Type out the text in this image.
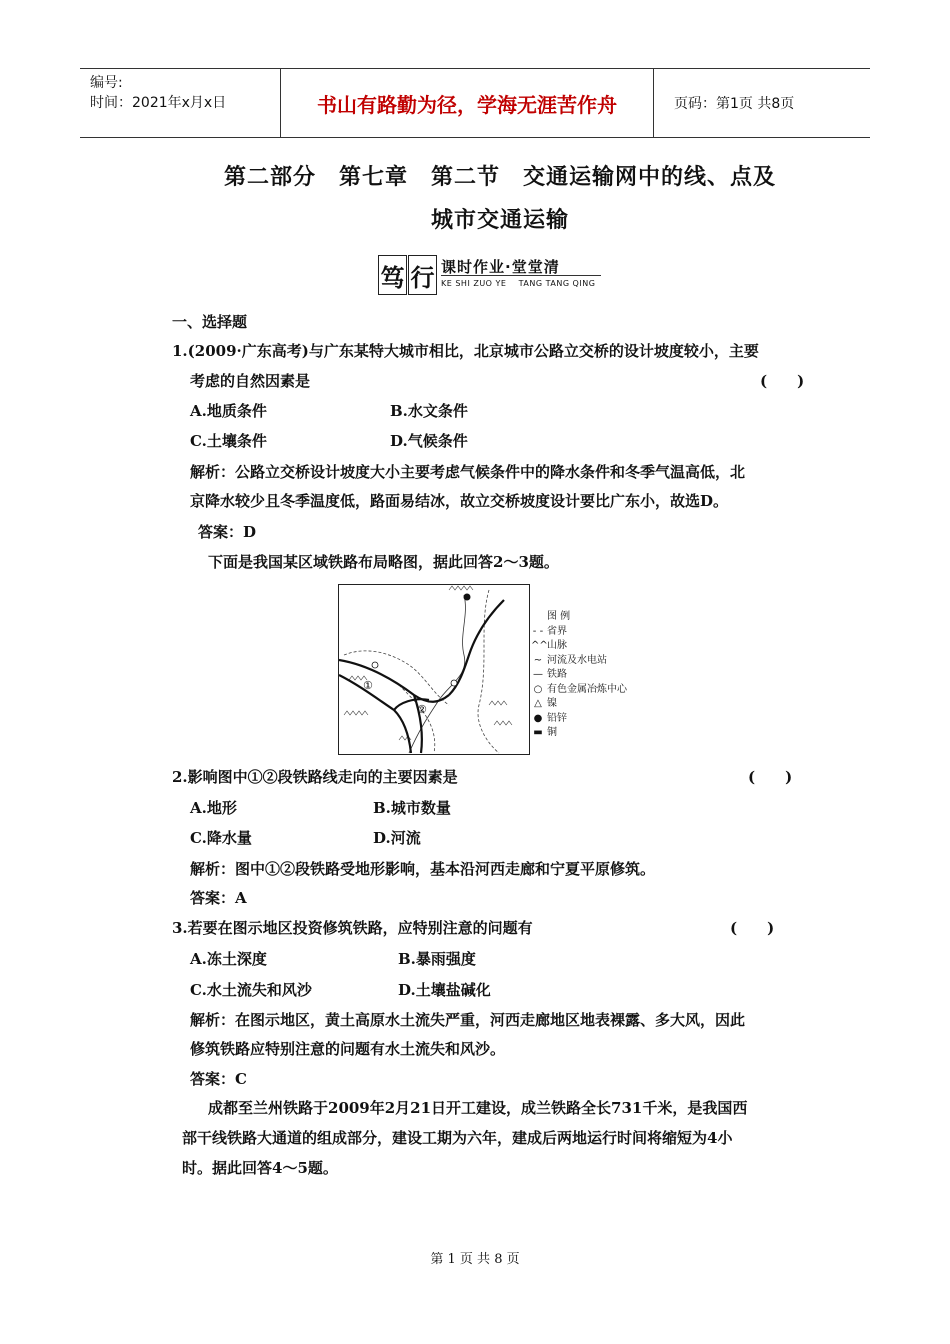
编号:
时间：2021年x月x日	书山有路勤为径，学海无涯苦作舟	页码：第1页 共8页
第二部分　第七章　第二节　交通运输网中的线、点及
城市交通运输
笃 行 课时作业·堂堂清
KE SHI ZUO YE    TANG TANG QING
一、选择题
1.(2009·广东高考)与广东某特大城市相比，北京城市公路立交桥的设计坡度较小，主要
考虑的自然因素是	(　　)
A.地质条件	B.水文条件
C.土壤条件	D.气候条件
解析：公路立交桥设计坡度大小主要考虑气候条件中的降水条件和冬季气温高低，北
京降水较少且冬季温度低，路面易结冰，故立交桥坡度设计要比广东小，故选D。
答案：D
下面是我国某区域铁路布局略图，据此回答2～3题。
①
②
图 例
- - 省界
^^ 山脉
~ 河流及水电站
— 铁路
○ 有色金属冶炼中心
△ 镍
● 铅锌
▬ 铜
2.影响图中①②段铁路线走向的主要因素是	(　　)
A.地形	B.城市数量
C.降水量	D.河流
解析：图中①②段铁路受地形影响，基本沿河西走廊和宁夏平原修筑。
答案：A
3.若要在图示地区投资修筑铁路，应特别注意的问题有	(　　)
A.冻土深度	B.暴雨强度
C.水土流失和风沙	D.土壤盐碱化
解析：在图示地区，黄土高原水土流失严重，河西走廊地区地表裸露、多大风，因此
修筑铁路应特别注意的问题有水土流失和风沙。
答案：C
成都至兰州铁路于2009年2月21日开工建设，成兰铁路全长731千米，是我国西
部干线铁路大通道的组成部分，建设工期为六年，建成后两地运行时间将缩短为4小
时。据此回答4～5题。
第 1 页 共 8 页
